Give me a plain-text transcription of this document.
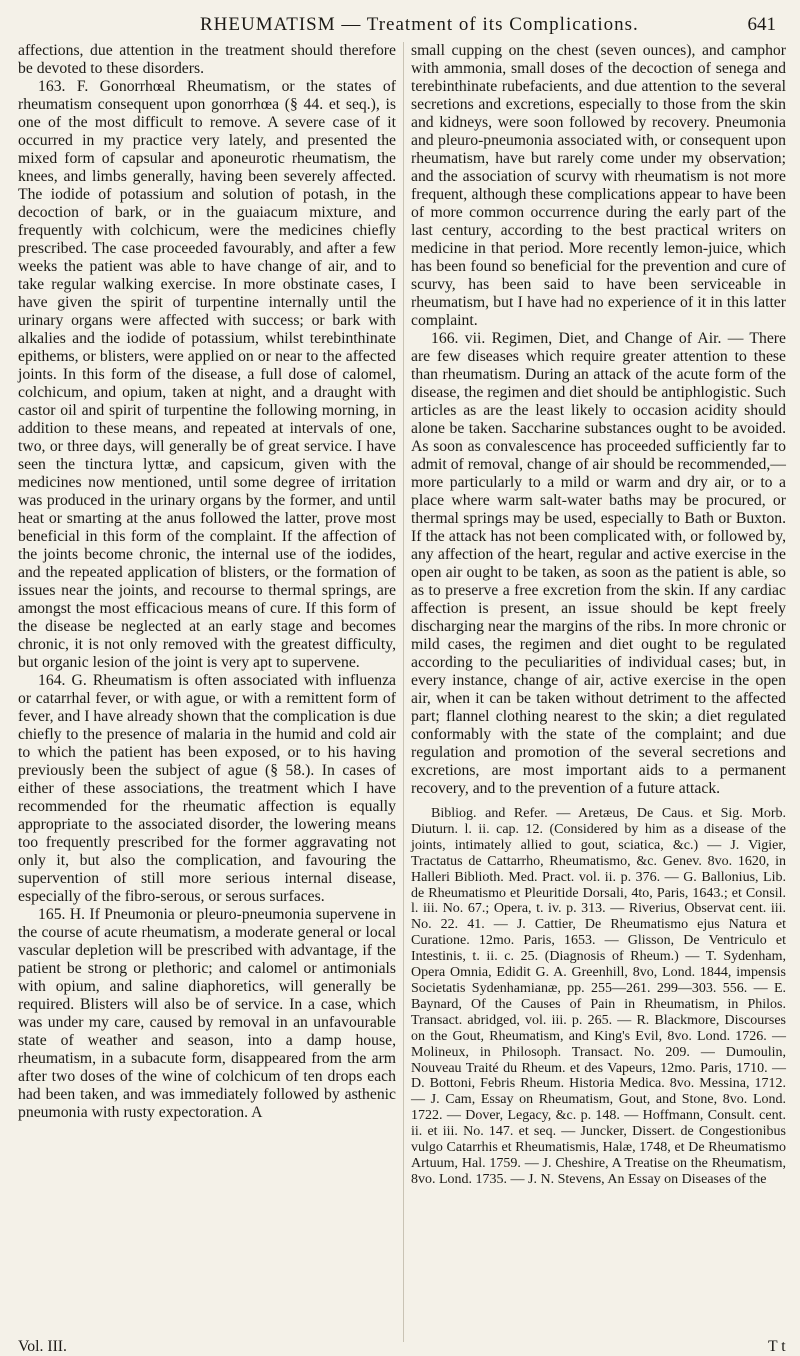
RHEUMATISM — Treatment of its Complications.	641

affections, due attention in the treatment should therefore be devoted to these disorders.

163. F. Gonorrhœal Rheumatism, or the states of rheumatism consequent upon gonorrhœa (§ 44. et seq.), is one of the most difficult to remove. A severe case of it occurred in my practice very lately, and presented the mixed form of capsular and aponeurotic rheumatism, the knees, and limbs generally, having been severely affected. The iodide of potassium and solution of potash, in the decoction of bark, or in the guaiacum mixture, and frequently with colchicum, were the medicines chiefly prescribed. The case proceeded favourably, and after a few weeks the patient was able to have change of air, and to take regular walking exercise. In more obstinate cases, I have given the spirit of turpentine internally until the urinary organs were affected with success; or bark with alkalies and the iodide of potassium, whilst terebinthinate epithems, or blisters, were applied on or near to the affected joints. In this form of the disease, a full dose of calomel, colchicum, and opium, taken at night, and a draught with castor oil and spirit of turpentine the following morning, in addition to these means, and repeated at intervals of one, two, or three days, will generally be of great service. I have seen the tinctura lyttæ, and capsicum, given with the medicines now mentioned, until some degree of irritation was produced in the urinary organs by the former, and until heat or smarting at the anus followed the latter, prove most beneficial in this form of the complaint. If the affection of the joints become chronic, the internal use of the iodides, and the repeated application of blisters, or the formation of issues near the joints, and recourse to thermal springs, are amongst the most efficacious means of cure. If this form of the disease be neglected at an early stage and becomes chronic, it is not only removed with the greatest difficulty, but organic lesion of the joint is very apt to supervene.

164. G. Rheumatism is often associated with influenza or catarrhal fever, or with ague, or with a remittent form of fever, and I have already shown that the complication is due chiefly to the presence of malaria in the humid and cold air to which the patient has been exposed, or to his having previously been the subject of ague (§ 58.). In cases of either of these associations, the treatment which I have recommended for the rheumatic affection is equally appropriate to the associated disorder, the lowering means too frequently prescribed for the former aggravating not only it, but also the complication, and favouring the supervention of still more serious internal disease, especially of the fibro-serous, or serous surfaces.

165. H. If Pneumonia or pleuro-pneumonia supervene in the course of acute rheumatism, a moderate general or local vascular depletion will be prescribed with advantage, if the patient be strong or plethoric; and calomel or antimonials with opium, and saline diaphoretics, will generally be required. Blisters will also be of service. In a case, which was under my care, caused by removal in an unfavourable state of weather and season, into a damp house, rheumatism, in a subacute form, disappeared from the arm after two doses of the wine of colchicum of ten drops each had been taken, and was immediately followed by asthenic pneumonia with rusty expectoration. A

small cupping on the chest (seven ounces), and camphor with ammonia, small doses of the decoction of senega and terebinthinate rubefacients, and due attention to the several secretions and excretions, especially to those from the skin and kidneys, were soon followed by recovery. Pneumonia and pleuro-pneumonia associated with, or consequent upon rheumatism, have but rarely come under my observation; and the association of scurvy with rheumatism is not more frequent, although these complications appear to have been of more common occurrence during the early part of the last century, according to the best practical writers on medicine in that period. More recently lemon-juice, which has been found so beneficial for the prevention and cure of scurvy, has been said to have been serviceable in rheumatism, but I have had no experience of it in this latter complaint.

166. vii. Regimen, Diet, and Change of Air. — There are few diseases which require greater attention to these than rheumatism. During an attack of the acute form of the disease, the regimen and diet should be antiphlogistic. Such articles as are the least likely to occasion acidity should alone be taken. Saccharine substances ought to be avoided. As soon as convalescence has proceeded sufficiently far to admit of removal, change of air should be recommended,—more particularly to a mild or warm and dry air, or to a place where warm salt-water baths may be procured, or thermal springs may be used, especially to Bath or Buxton. If the attack has not been complicated with, or followed by, any affection of the heart, regular and active exercise in the open air ought to be taken, as soon as the patient is able, so as to preserve a free excretion from the skin. If any cardiac affection is present, an issue should be kept freely discharging near the margins of the ribs. In more chronic or mild cases, the regimen and diet ought to be regulated according to the peculiarities of individual cases; but, in every instance, change of air, active exercise in the open air, when it can be taken without detriment to the affected part; flannel clothing nearest to the skin; a diet regulated conformably with the state of the complaint; and due regulation and promotion of the several secretions and excretions, are most important aids to a permanent recovery, and to the prevention of a future attack.

Bibliog. and Refer. — Aretæus, De Caus. et Sig. Morb. Diuturn. l. ii. cap. 12. (Considered by him as a disease of the joints, intimately allied to gout, sciatica, &c.) — J. Vigier, Tractatus de Cattarrho, Rheumatismo, &c. Genev. 8vo. 1620, in Halleri Biblioth. Med. Pract. vol. ii. p. 376. — G. Ballonius, Lib. de Rheumatismo et Pleuritide Dorsali, 4to, Paris, 1643.; et Consil. l. iii. No. 67.; Opera, t. iv. p. 313. — Riverius, Observat cent. iii. No. 22. 41. — J. Cattier, De Rheumatismo ejus Natura et Curatione. 12mo. Paris, 1653. — Glisson, De Ventriculo et Intestinis, t. ii. c. 25. (Diagnosis of Rheum.) — T. Sydenham, Opera Omnia, Edidit G. A. Greenhill, 8vo, Lond. 1844, impensis Societatis Sydenhamianæ, pp. 255—261. 299—303. 556. — E. Baynard, Of the Causes of Pain in Rheumatism, in Philos. Transact. abridged, vol. iii. p. 265. — R. Blackmore, Discourses on the Gout, Rheumatism, and King's Evil, 8vo. Lond. 1726. — Molineux, in Philosoph. Transact. No. 209. — Dumoulin, Nouveau Traité du Rheum. et des Vapeurs, 12mo. Paris, 1710. — D. Bottoni, Febris Rheum. Historia Medica. 8vo. Messina, 1712. — J. Cam, Essay on Rheumatism, Gout, and Stone, 8vo. Lond. 1722. — Dover, Legacy, &c. p. 148. — Hoffmann, Consult. cent. ii. et iii. No. 147. et seq. — Juncker, Dissert. de Congestionibus vulgo Catarrhis et Rheumatismis, Halæ, 1748, et De Rheumatismo Artuum, Hal. 1759. — J. Cheshire, A Treatise on the Rheumatism, 8vo. Lond. 1735. — J. N. Stevens, An Essay on Diseases of the

Vol. III.	T t
